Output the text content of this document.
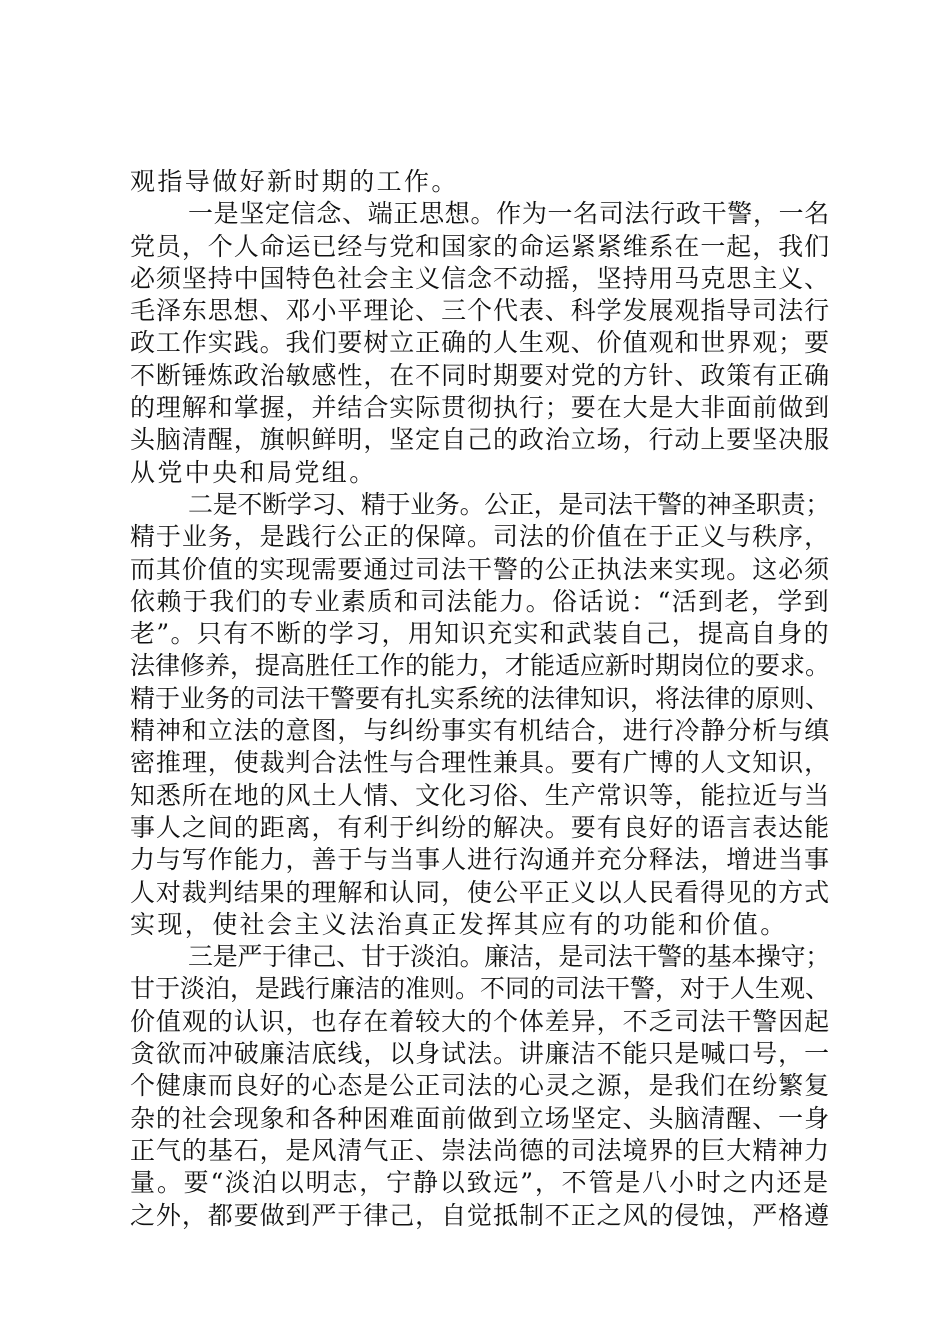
观指导做好新时期的工作。
一是坚定信念、端正思想。作为一名司法行政干警，一名
党员，个人命运已经与党和国家的命运紧紧维系在一起，我们
必须坚持中国特色社会主义信念不动摇，坚持用马克思主义、
毛泽东思想、邓小平理论、三个代表、科学发展观指导司法行
政工作实践。我们要树立正确的人生观、价值观和世界观；要
不断锤炼政治敏感性，在不同时期要对党的方针、政策有正确
的理解和掌握，并结合实际贯彻执行；要在大是大非面前做到
头脑清醒，旗帜鲜明，坚定自己的政治立场，行动上要坚决服
从党中央和局党组。
二是不断学习、精于业务。公正，是司法干警的神圣职责；
精于业务，是践行公正的保障。司法的价值在于正义与秩序，
而其价值的实现需要通过司法干警的公正执法来实现。这必须
依赖于我们的专业素质和司法能力。俗话说：“活到老，学到
老”。只有不断的学习，用知识充实和武装自己，提高自身的
法律修养，提高胜任工作的能力，才能适应新时期岗位的要求。
精于业务的司法干警要有扎实系统的法律知识，将法律的原则、
精神和立法的意图，与纠纷事实有机结合，进行冷静分析与缜
密推理，使裁判合法性与合理性兼具。要有广博的人文知识，
知悉所在地的风土人情、文化习俗、生产常识等，能拉近与当
事人之间的距离，有利于纠纷的解决。要有良好的语言表达能
力与写作能力，善于与当事人进行沟通并充分释法，增进当事
人对裁判结果的理解和认同，使公平正义以人民看得见的方式
实现，使社会主义法治真正发挥其应有的功能和价值。
三是严于律己、甘于淡泊。廉洁，是司法干警的基本操守；
甘于淡泊，是践行廉洁的准则。不同的司法干警，对于人生观、
价值观的认识，也存在着较大的个体差异，不乏司法干警因起
贪欲而冲破廉洁底线，以身试法。讲廉洁不能只是喊口号，一
个健康而良好的心态是公正司法的心灵之源，是我们在纷繁复
杂的社会现象和各种困难面前做到立场坚定、头脑清醒、一身
正气的基石，是风清气正、崇法尚德的司法境界的巨大精神力
量。要“淡泊以明志，宁静以致远”，不管是八小时之内还是
之外，都要做到严于律己，自觉抵制不正之风的侵蚀，严格遵
